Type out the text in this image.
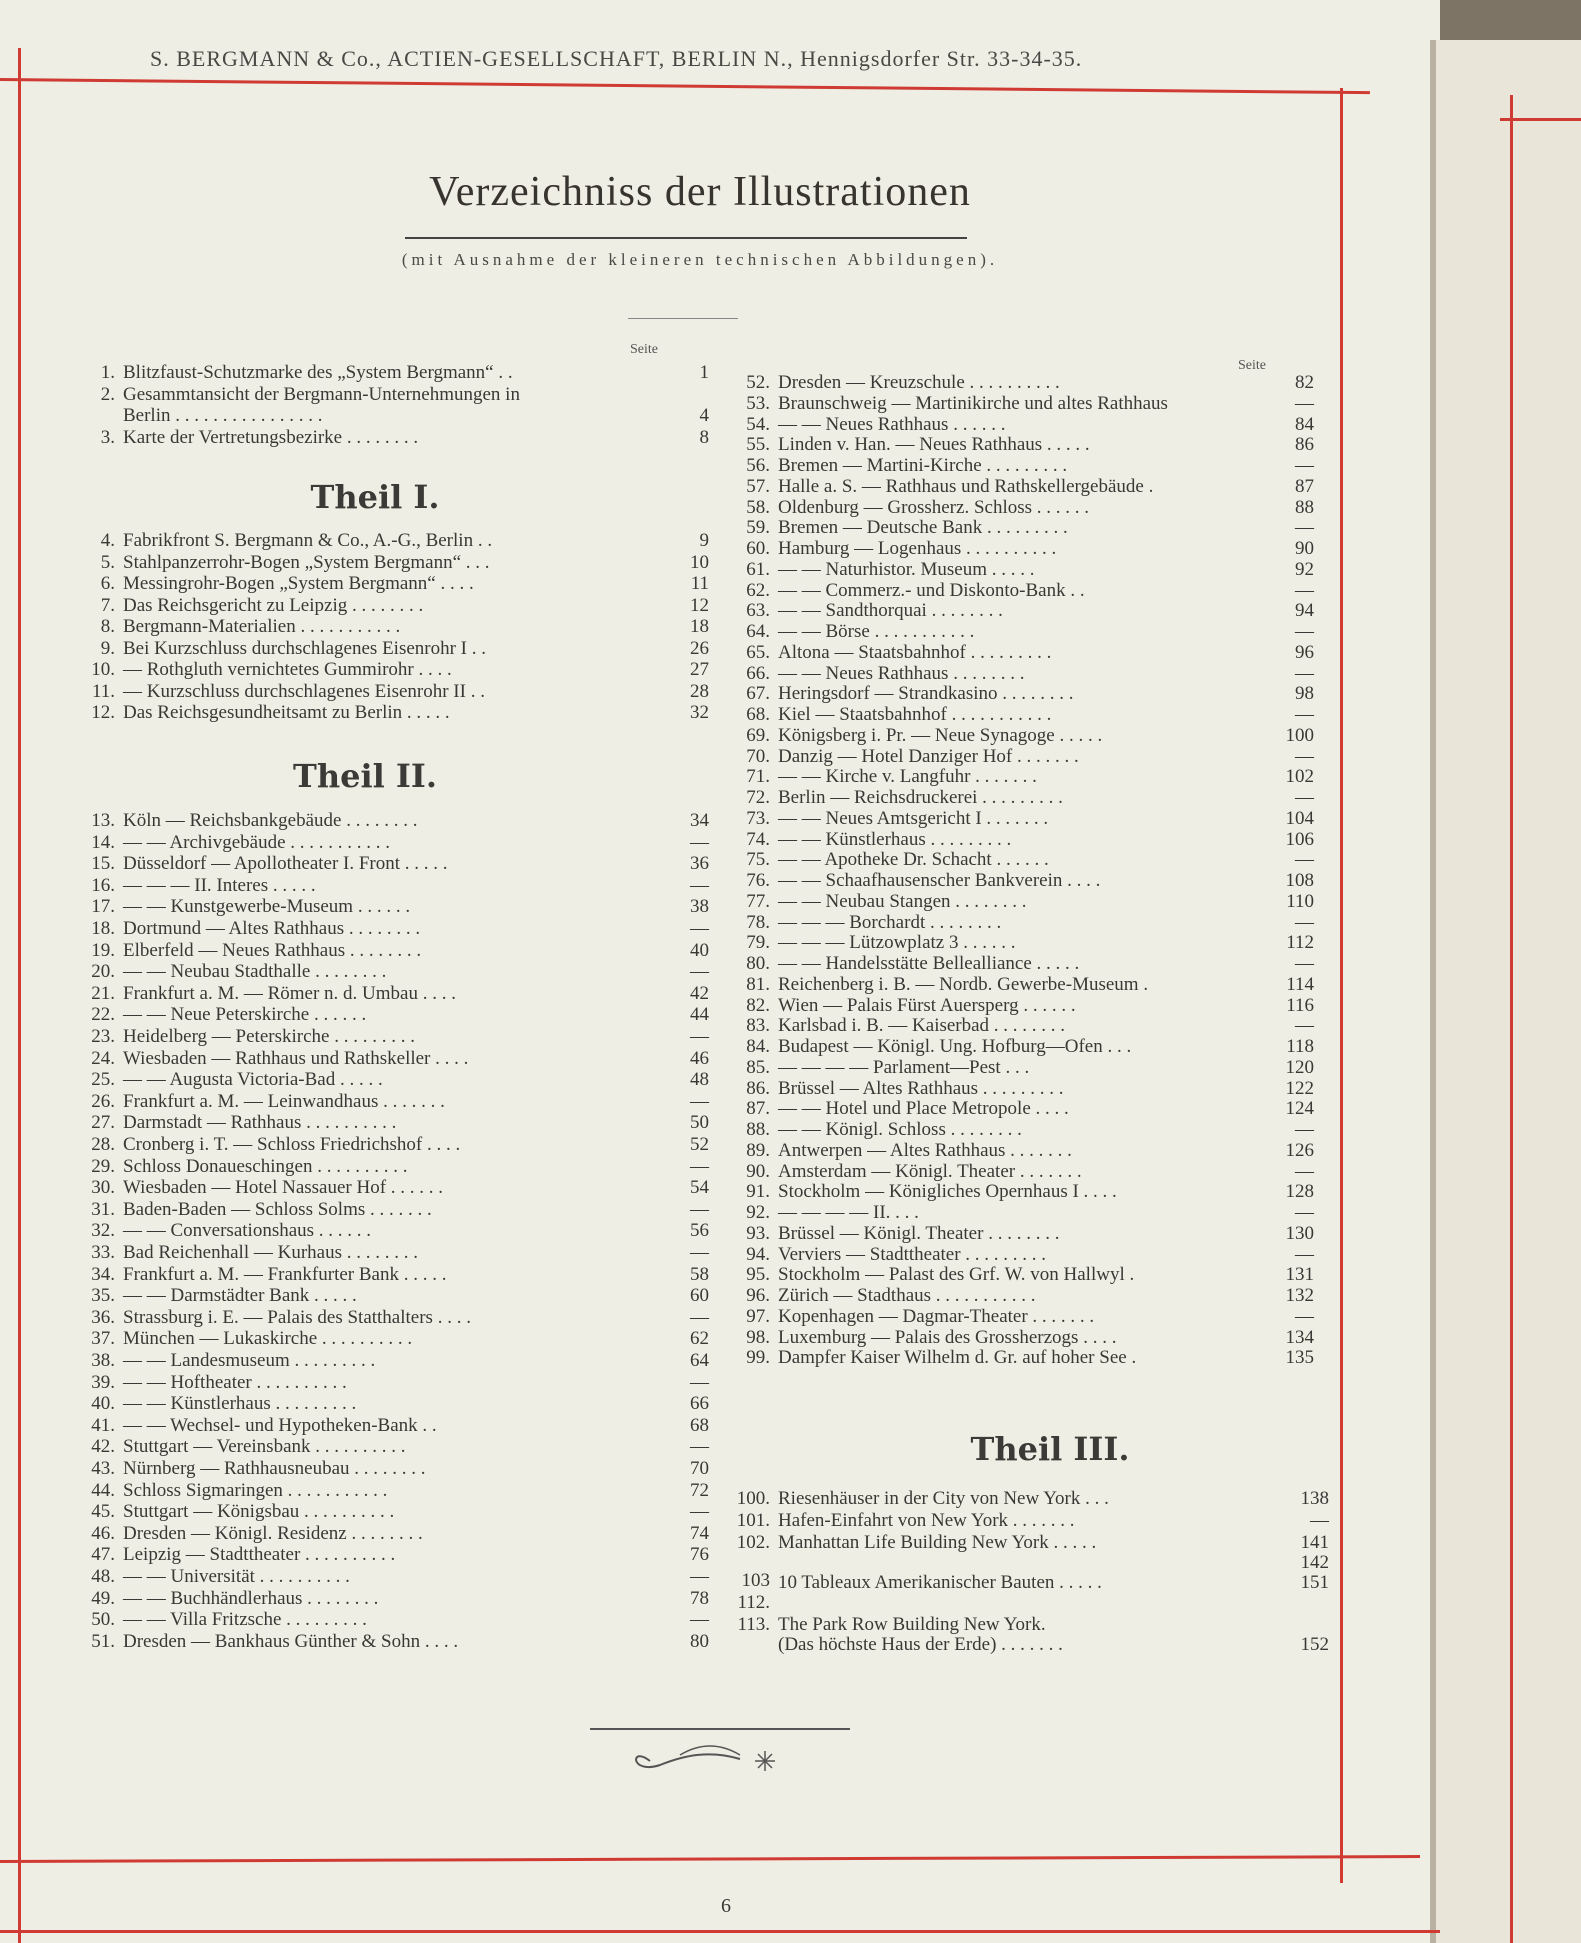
S. BERGMANN & Co., ACTIEN-GESELLSCHAFT, BERLIN N., Hennigsdorfer Str. 33-34-35.
Verzeichniss der Illustrationen
(mit Ausnahme der kleineren technischen Abbildungen).
Seite
Seite
1. Blitzfaust-Schutzmarke des „System Bergmann“ . .	1
2. Gesammtansicht der Bergmann-Unternehmungen in
Berlin . . . . . . . . . . . . . . . .	4
3. Karte der Vertretungsbezirke . . . . . . . .	8
Theil I.
4. Fabrikfront S. Bergmann & Co., A.-G., Berlin . .	9
5. Stahlpanzerrohr-Bogen „System Bergmann“ . . .	10
6. Messingrohr-Bogen „System Bergmann“ . . . .	11
7. Das Reichsgericht zu Leipzig . . . . . . . .	12
8. Bergmann-Materialien . . . . . . . . . . .	18
9. Bei Kurzschluss durchschlagenes Eisenrohr I . .	26
10. — Rothgluth vernichtetes Gummirohr . . . .	27
11. — Kurzschluss durchschlagenes Eisenrohr II . .	28
12. Das Reichsgesundheitsamt zu Berlin . . . . .	32
Theil II.
13. Köln — Reichsbankgebäude . . . . . . . .	34
14. — — Archivgebäude . . . . . . . . . . .	—
15. Düsseldorf — Apollotheater I. Front . . . . .	36
16. — — — II. Interes . . . . .	—
17. — — Kunstgewerbe-Museum . . . . . .	38
18. Dortmund — Altes Rathhaus . . . . . . . .	—
19. Elberfeld — Neues Rathhaus . . . . . . . .	40
20. — — Neubau Stadthalle . . . . . . . .	—
21. Frankfurt a. M. — Römer n. d. Umbau . . . .	42
22. — — Neue Peterskirche . . . . . .	44
23. Heidelberg — Peterskirche . . . . . . . . .	—
24. Wiesbaden — Rathhaus und Rathskeller . . . .	46
25. — — Augusta Victoria-Bad . . . . .	48
26. Frankfurt a. M. — Leinwandhaus . . . . . . .	—
27. Darmstadt — Rathhaus . . . . . . . . . .	50
28. Cronberg i. T. — Schloss Friedrichshof . . . .	52
29. Schloss Donaueschingen . . . . . . . . . .	—
30. Wiesbaden — Hotel Nassauer Hof . . . . . .	54
31. Baden-Baden — Schloss Solms . . . . . . .	—
32. — — Conversationshaus . . . . . .	56
33. Bad Reichenhall — Kurhaus . . . . . . . .	—
34. Frankfurt a. M. — Frankfurter Bank . . . . .	58
35. — — Darmstädter Bank . . . . .	60
36. Strassburg i. E. — Palais des Statthalters . . . .	—
37. München — Lukaskirche . . . . . . . . . .	62
38. — — Landesmuseum . . . . . . . . .	64
39. — — Hoftheater . . . . . . . . . .	—
40. — — Künstlerhaus . . . . . . . . .	66
41. — — Wechsel- und Hypotheken-Bank . .	68
42. Stuttgart — Vereinsbank . . . . . . . . . .	—
43. Nürnberg — Rathhausneubau . . . . . . . .	70
44. Schloss Sigmaringen . . . . . . . . . . .	72
45. Stuttgart — Königsbau . . . . . . . . . .	—
46. Dresden — Königl. Residenz . . . . . . . .	74
47. Leipzig — Stadttheater . . . . . . . . . .	76
48. — — Universität . . . . . . . . . .	—
49. — — Buchhändlerhaus . . . . . . . .	78
50. — — Villa Fritzsche . . . . . . . . .	—
51. Dresden — Bankhaus Günther & Sohn . . . .	80
52. Dresden — Kreuzschule . . . . . . . . . .	82
53. Braunschweig — Martinikirche und altes Rathhaus	—
54. — — Neues Rathhaus . . . . . .	84
55. Linden v. Han. — Neues Rathhaus . . . . .	86
56. Bremen — Martini-Kirche . . . . . . . . .	—
57. Halle a. S. — Rathhaus und Rathskellergebäude .	87
58. Oldenburg — Grossherz. Schloss . . . . . .	88
59. Bremen — Deutsche Bank . . . . . . . . .	—
60. Hamburg — Logenhaus . . . . . . . . . .	90
61. — — Naturhistor. Museum . . . . .	92
62. — — Commerz.- und Diskonto-Bank . .	—
63. — — Sandthorquai . . . . . . . .	94
64. — — Börse . . . . . . . . . . .	—
65. Altona — Staatsbahnhof . . . . . . . . .	96
66. — — Neues Rathhaus . . . . . . . .	—
67. Heringsdorf — Strandkasino . . . . . . . .	98
68. Kiel — Staatsbahnhof . . . . . . . . . . .	—
69. Königsberg i. Pr. — Neue Synagoge . . . . .	100
70. Danzig — Hotel Danziger Hof . . . . . . .	—
71. — — Kirche v. Langfuhr . . . . . . .	102
72. Berlin — Reichsdruckerei . . . . . . . . .	—
73. — — Neues Amtsgericht I . . . . . . .	104
74. — — Künstlerhaus . . . . . . . . .	106
75. — — Apotheke Dr. Schacht . . . . . .	—
76. — — Schaafhausenscher Bankverein . . . .	108
77. — — Neubau Stangen . . . . . . . .	110
78. — — — Borchardt . . . . . . . .	—
79. — — — Lützowplatz 3 . . . . . .	112
80. — — Handelsstätte Bellealliance . . . . .	—
81. Reichenberg i. B. — Nordb. Gewerbe-Museum .	114
82. Wien — Palais Fürst Auersperg . . . . . .	116
83. Karlsbad i. B. — Kaiserbad . . . . . . . .	—
84. Budapest — Königl. Ung. Hofburg—Ofen . . .	118
85. — — — — Parlament—Pest . . .	120
86. Brüssel — Altes Rathhaus . . . . . . . . .	122
87. — — Hotel und Place Metropole . . . .	124
88. — — Königl. Schloss . . . . . . . .	—
89. Antwerpen — Altes Rathhaus . . . . . . .	126
90. Amsterdam — Königl. Theater . . . . . . .	—
91. Stockholm — Königliches Opernhaus I . . . .	128
92. — — — — II. . . .	—
93. Brüssel — Königl. Theater . . . . . . . .	130
94. Verviers — Stadttheater . . . . . . . . .	—
95. Stockholm — Palast des Grf. W. von Hallwyl .	131
96. Zürich — Stadthaus . . . . . . . . . . .	132
97. Kopenhagen — Dagmar-Theater . . . . . . .	—
98. Luxemburg — Palais des Grossherzogs . . . .	134
99. Dampfer Kaiser Wilhelm d. Gr. auf hoher See .	135
Theil III.
100. Riesenhäuser in der City von New York . . .	138
101. Hafen-Einfahrt von New York . . . . . . .	—
102. Manhattan Life Building New York . . . . .	141
142
103 10 Tableaux Amerikanischer Bauten . . . . .	151
112.
113. The Park Row Building New York.
(Das höchste Haus der Erde) . . . . . . .	152
6
